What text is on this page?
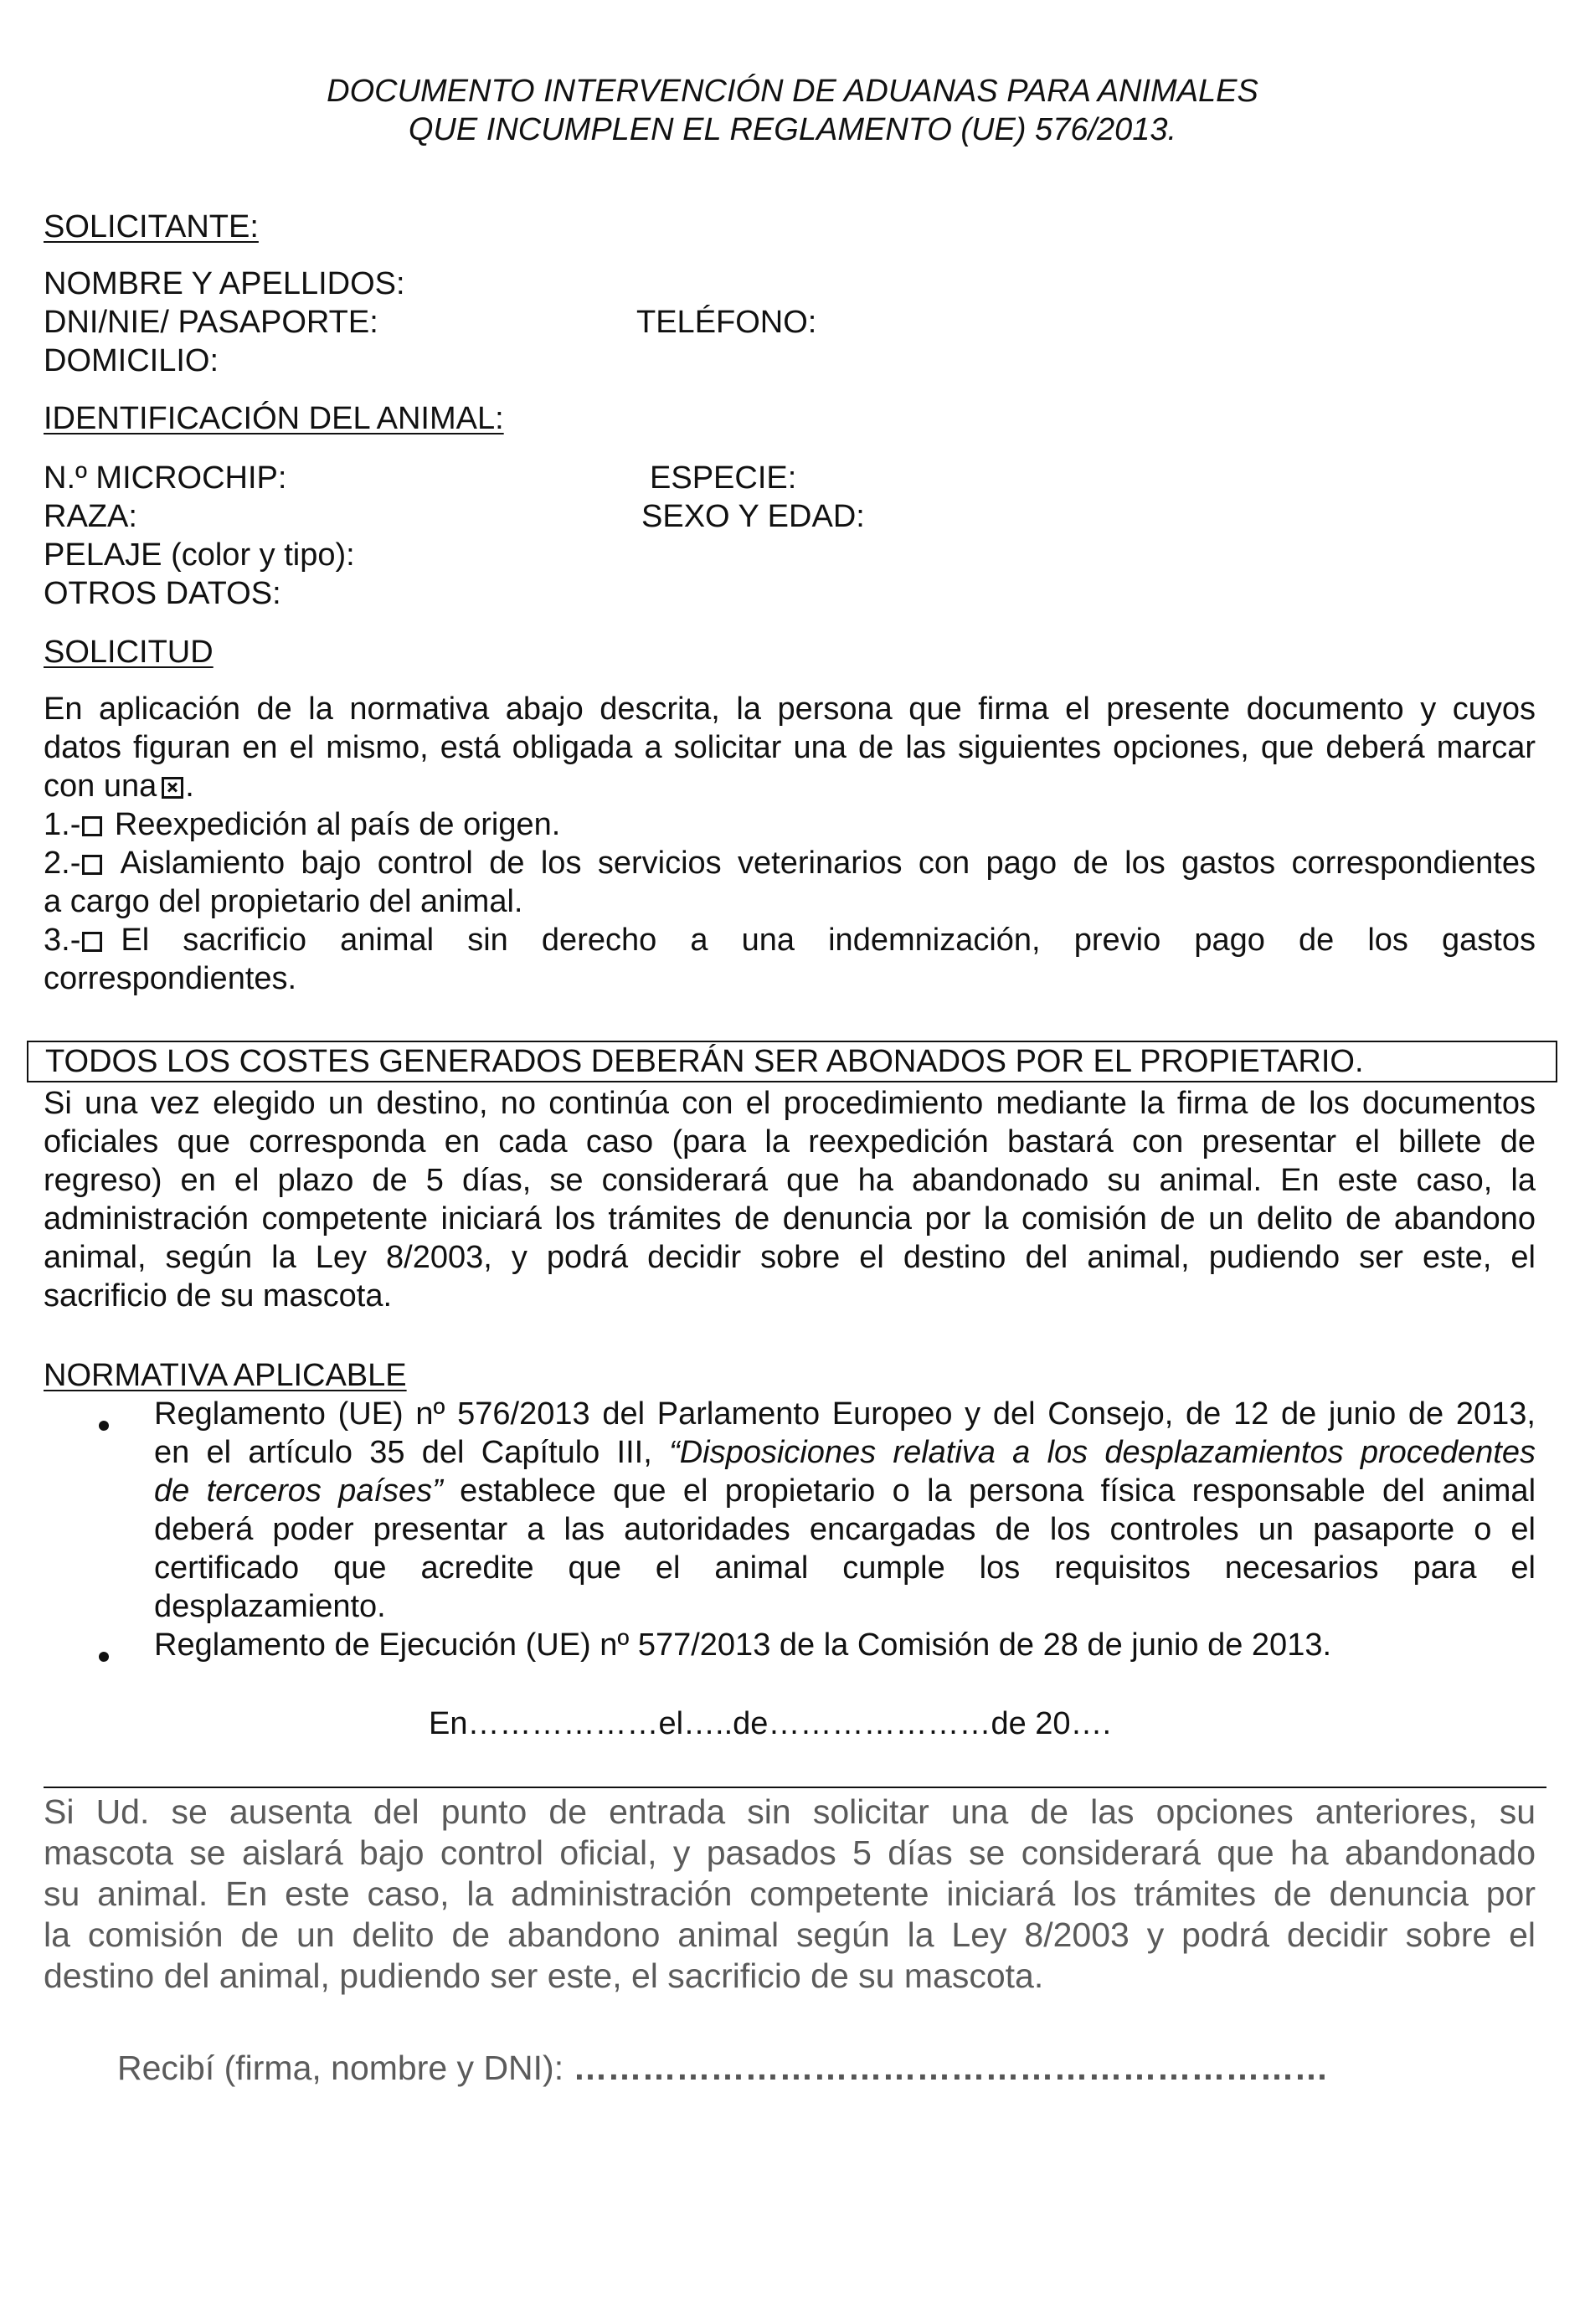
DOCUMENTO INTERVENCIÓN DE ADUANAS PARA ANIMALES
QUE INCUMPLEN EL REGLAMENTO (UE) 576/2013.
SOLICITANTE:
NOMBRE Y APELLIDOS:
DNI/NIE/ PASAPORTE:	TELÉFONO:
DOMICILIO:
IDENTIFICACIÓN DEL ANIMAL:
N.º MICROCHIP:	ESPECIE:
RAZA:	SEXO Y EDAD:
PELAJE (color y tipo):
OTROS DATOS:
SOLICITUD
En aplicación de la normativa abajo descrita, la persona que firma el presente documento y cuyos
datos figuran en el mismo, está obligada a solicitar una de las siguientes opciones, que deberá marcar
con una .
1.- Reexpedición al país de origen.
2.- Aislamiento bajo control de los servicios veterinarios con pago de los gastos correspondientes
a cargo del propietario del animal.
3.-	El sacrificio animal sin derecho a una indemnización, previo pago de los gastos
correspondientes.
TODOS LOS COSTES GENERADOS DEBERÁN SER ABONADOS POR EL PROPIETARIO.
Si una vez elegido un destino, no continúa con el procedimiento mediante la firma de los documentos
oficiales que corresponda en cada caso (para la reexpedición bastará con presentar el billete de
regreso) en el plazo de 5 días, se considerará que ha abandonado su animal. En este caso, la
administración competente iniciará los trámites de denuncia por la comisión de un delito de abandono
animal, según la Ley 8/2003, y podrá decidir sobre el destino del animal, pudiendo ser este, el
sacrificio de su mascota.
NORMATIVA APLICABLE
Reglamento (UE) nº 576/2013 del Parlamento Europeo y del Consejo, de 12 de junio de 2013,
en el artículo 35 del Capítulo III, “Disposiciones relativa a los desplazamientos procedentes
de terceros países” establece que el propietario o la persona física responsable del animal
deberá poder presentar a las autoridades encargadas de los controles un pasaporte o el
certificado que acredite que el animal cumple los requisitos necesarios para el
desplazamiento.
Reglamento de Ejecución (UE) nº 577/2013 de la Comisión de 28 de junio de 2013.
En………………el…..de…………………de 20….
Si Ud. se ausenta del punto de entrada sin solicitar una de las opciones anteriores, su
mascota se aislará bajo control oficial, y pasados 5 días se considerará que ha abandonado
su animal. En este caso, la administración competente iniciará los trámites de denuncia por
la comisión de un delito de abandono animal según la Ley 8/2003 y podrá decidir sobre el
destino del animal, pudiendo ser este, el sacrificio de su mascota.
Recibí (firma, nombre y DNI): …………………………………………………………
